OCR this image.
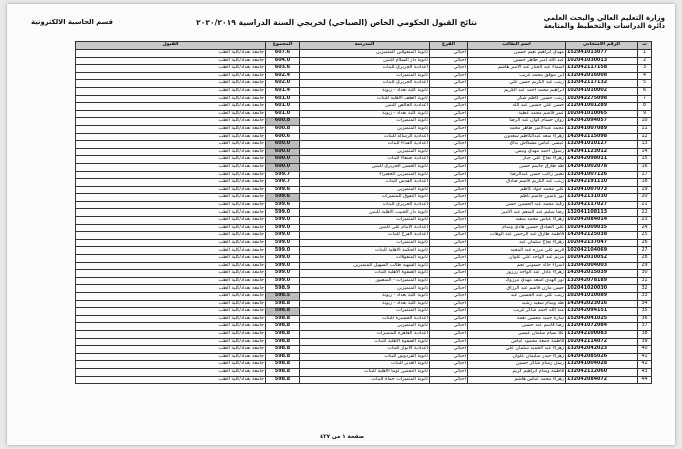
وزارة التعليم العالي والبحث العلمي
دائرة الدراسات والتخطيط والمتابعة
نتائج القبول الحكومي الخاص (الصباحي) لخريجي السنة الدراسية ٢٠٢٠/٢٠١٩
قسم الحاسبة الالكترونية
ت	الرقم الامتحاني	اسم الطالب	الفرع	المدرسة	المجموع	القبول
1	152941013077	مهدي ابراهيم نعيم حسين	احيائي	ثانوية المتفوقين للمتميزين	607.6	جامعة بغداد/كلية الطب
2	102041030013	عبد الله امير طاهر حسين	احيائي	ثانوية دار السلام للبنين	604.0	جامعة بغداد/كلية الطب
3	132042117158	اسماء عبد الجبار عبد الامير هاشم	احيائي	اعدادية الحريري للبنات	603.6	جامعة بغداد/كلية الطب
4	132042016008	ابي موفق محمد غريب	احيائي	ثانوية المتميزات	602.4	جامعة بغداد/كلية الطب
5	132042117132	زينب عبد الكريم حسن علي	احيائي	اعدادية الحريري للبنات	602.0	جامعة بغداد/كلية الطب
6	102041010002	ابراهيم محمد احمد عبد الكريم	احيائي	ثانوية كلية بغداد - زيونة	601.4	جامعة بغداد/كلية الطب
7	102042275098	زينب حسين كاظم شكر	احيائي	ثانوية الطف الاهلية للبنات	601.0	جامعة بغداد/كلية الطب
8	212041001289	حسن علي حسين عبد الله	احيائي	اعدادية الخالص للبنين	601.0	جامعة بغداد/كلية الطب
9	102041010065	عمر قاسم محمد عطية	احيائي	ثانوية كلية بغداد - زيونة	601.0	جامعة بغداد/كلية الطب
10	142042094057	روان حسام كوان عبد الرضا	احيائي	ثانوية المتميزات	600.8	جامعة بغداد/كلية الطب
11	132041007089	محمد عبدالامير طاهر محمد	احيائي	ثانوية المتميزين	600.8	جامعة بغداد/كلية الطب
12	142042115098	زهراء سعد عبدالكاظم سعدون	احيائي	اعدادية الرسالة للبنات	600.6	جامعة بغداد/كلية الطب
13	132041010127	عيسى عباس مشكاش بداي	احيائي	اعدادية الفداء للبنات	600.0	جامعة بغداد/كلية الطب
14	142041123012	رسول احمد مهدي ونيس	احيائي	ثانوية المتميزين	600.0	جامعة بغداد/كلية الطب
15	142042098011	زهراء نجاح علي جبار	احيائي	اعدادية صنعاء للبنات	600.0	جامعة بغداد/كلية الطب
16	142041002078	طه طارق جاسم حسن	احيائي	ثانوية الحسن الحريري للبنين	600.0	جامعة بغداد/كلية الطب
17	132041007126	نصير راغب حسن عبدالرضا	احيائي	ثانوية المتميزين الخضراء	599.7	جامعة بغداد/كلية الطب
18	142042191110	زينب عبد الكريم قاسم صادق	احيائي	اعدادية القدس للبنات	599.7	جامعة بغداد/كلية الطب
19	132041007073	علي محمد جواد كاظم	احيائي	ثانوية المتميزين	599.6	جامعة بغداد/كلية الطب
20	132042131030	نور ياسين جاسم ناظم	احيائي	ثانوية التفوق للمتميزات	599.6	جامعة بغداد/كلية الطب
21	132042117027	رقية محمد عبد الحسين حسن	احيائي	اعدادية الحريري للبنات	599.6	جامعة بغداد/كلية الطب
22	132041108113	رضا سليم عبد المنعم عبد الامير	احيائي	ثانوية دار الحبيب الاهلية للبنين	599.0	جامعة بغداد/كلية الطب
23	102042084014	زهراء عباس محمد سعيد	احيائي	ثانوية المتميزات	599.0	جامعة بغداد/كلية الطب
24	102041009035	علي الصادق حسين هادي وسام	احيائي	اعدادية الامام علي للبنين	599.0	جامعة بغداد/كلية الطب
25	142042125038	فاطمة طارق عبد الرحمن عبد الوهاب	احيائي	اعدادية الفرح للبنات	599.0	جامعة بغداد/كلية الطب
26	102042137047	زهراء نجاح سلمان عبد	احيائي	ثانوية المتميزات	599.0	جامعة بغداد/كلية الطب
27	102042104069	فريم علي مرزه عبد المجيد	احيائي	ثانوية الحكمة الاهلية للبنات	599.0	جامعة بغداد/كلية الطب
28	102042010052	مريم عبد الواحد علي علوان	احيائي	ثانوية المتفوقات	599.0	جامعة بغداد/كلية الطب
29	132042004003	اسراء خالد حسوني نجم	احيائي	ثانوية الشهيد طالب السهيل للمتميزين	599.0	جامعة بغداد/كلية الطب
30	142042015039	زهراء عادل عبد الواحد زرزور	احيائي	ثانوية الصفوة الاهلية للبنات	599.0	جامعة بغداد/كلية الطب
31	132042078189	نور الهدى اسعد مهدي مرزوك	احيائي	ثانوية المتميزات - المنصور	599.0	جامعة بغداد/كلية الطب
32	102041020030	حسن مازن قاسم عبد الرزاق	احيائي	ثانوية المتميزين	598.9	جامعة بغداد/كلية الطب
33	102041010089	زينب علي عبد الحسين عبد	احيائي	ثانوية كلية بغداد - زيونة	598.5	جامعة بغداد/كلية الطب
34	142042023016	طه وسام سعيد رشيد	احيائي	ثانوية كلية بغداد - زيونة	598.8	جامعة بغداد/كلية الطب
35	132042094151	منة الله احمد شاكر غريب	احيائي	ثانوية المتميزات	598.8	جامعة بغداد/كلية الطب
36	152042041025	سارة حميد محسن نعمة	احيائي	اعدادية الحسيرة للبنات	598.8	جامعة بغداد/كلية الطب
37	132041072084	رضا قاسم عبد حسين	احيائي	ثانوية المتميزين	598.8	جامعة بغداد/كلية الطب
38	132042100083	علا بسام سلمان عيسى	احيائي	اعدادية القاهرة للمتميزات	598.8	جامعة بغداد/كلية الطب
39	102042114072	فاطمة جمعة محمود عباس	احيائي	ثانوية الصفوة الاهلية للبنات	598.8	جامعة بغداد/كلية الطب
40	132042042023	زهراء عبد الحميد سلمان علي	احيائي	اعدادية الانوار للبنات	598.8	جامعة بغداد/كلية الطب
41	142042085026	زهراء حيدر سليمان علوان	احيائي	ثانوية الفردوس للبنات	598.8	جامعة بغداد/كلية الطب
42	132041004028	رسل رسام شاكر حسين	احيائي	ثانوية الغدير للبنات	598.8	جامعة بغداد/كلية الطب
43	132042112060	فاطمة وسام ابراهيم كريم	احيائي	ثانوية النجمين لوما الاهلية للبنات	598.8	جامعة بغداد/كلية الطب
44	132042084072	زهراء محمد عباس هاشم	احيائي	ثانوية المتميزات حماة للبنات	598.8	جامعة بغداد/كلية الطب
صفحة ١ من ٤٢٧
